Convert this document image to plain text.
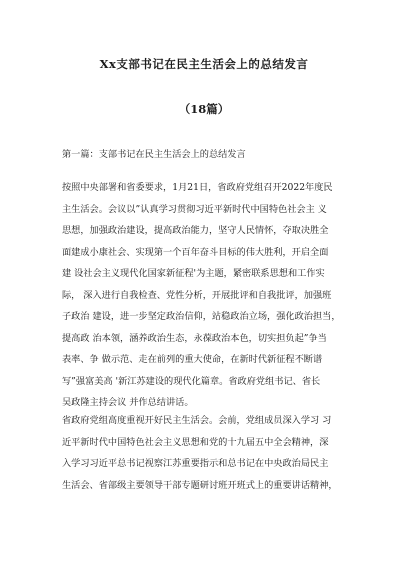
Xx支部书记在民主生活会上的总结发言
（18篇）
第一篇：支部书记在民主生活会上的总结发言
按照中央部署和省委要求，1月21日，省政府党组召开2022年度民
主生活会。会议以”认真学习贯彻习近平新时代中国特色社会主 义
思想，加强政治建设，提高政治能力，坚守人民情怀，夺取决胜全
面建成小康社会、实现第一个百年奋斗目标的伟大胜利，开启全面
建 设社会主义现代化国家新征程'为主题，紧密联系思想和工作实
际， 深入进行自我检查、党性分析，开展批评和自我批评，加强班
子政治 建设，进一步坚定政治信仰，站稳政治立场，强化政治担当，
提高政 治本领，涵养政治生态，永葆政治本色，切实担负起”争当
表率、争 做示范、走在前列的重大使命，在新时代新征程不断谱
写”强富美高 '新江苏建设的现代化篇章。省政府党组书记、省长
吴政隆主持会议 并作总结讲话。
省政府党组高度重视开好民主生活会。会前，党组成员深入学习 习
近平新时代中国特色社会主义思想和党的十九届五中全会精神，深
入学习习近平总书记视察江苏重要指示和总书记在中央政治局民主
生活会、省部级主要领导干部专题研讨班开班式上的重要讲话精神，
